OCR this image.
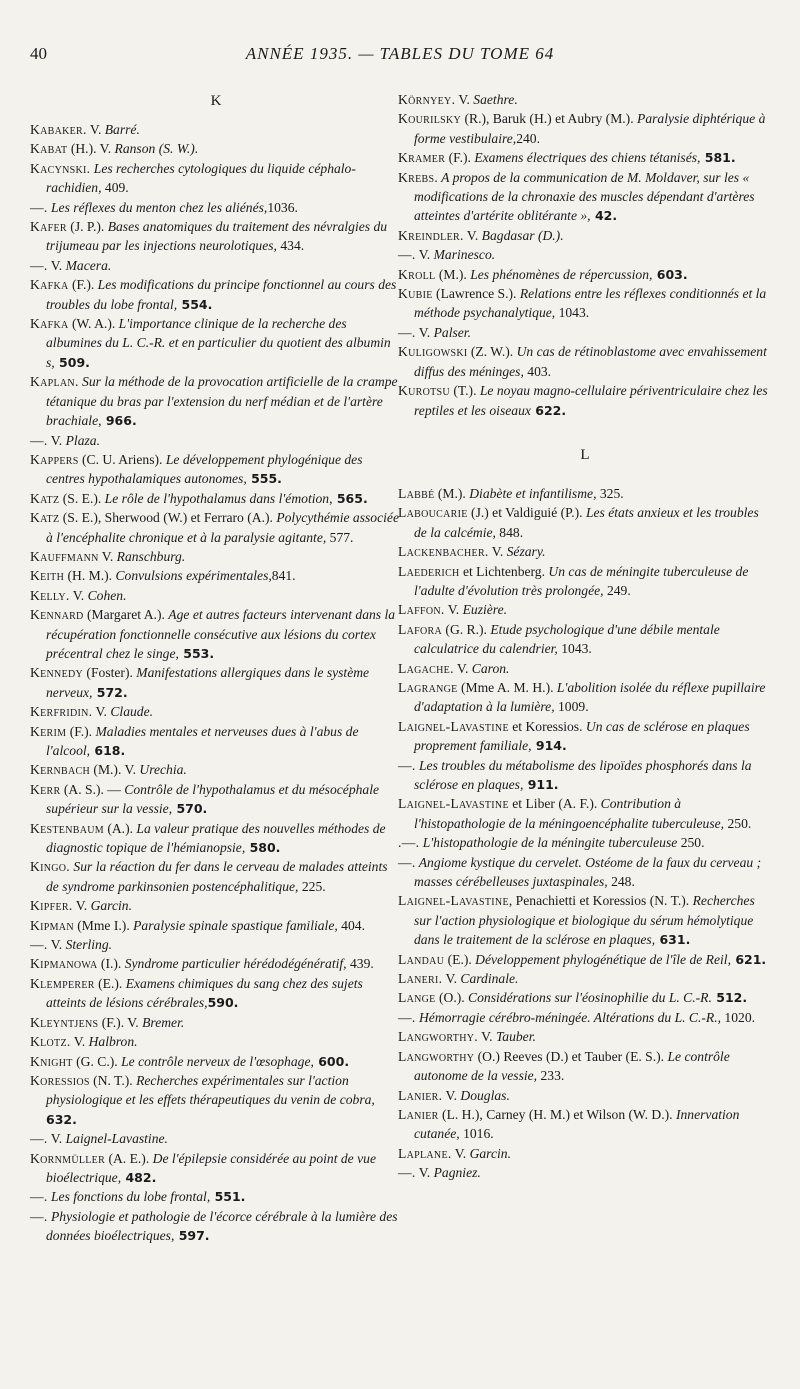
40	ANNÉE 1935. — TABLES DU TOME 64
K

Kabaker. V. Barré.

Kabat (H.). V. Ranson (S. W.).

Kacynski. Les recherches cytologiques du liquide céphalo-rachidien, 409.

—. Les réflexes du menton chez les aliénés,1036.

Kafer (J. P.). Bases anatomiques du traitement des névralgies du trijumeau par les injections neurolotiques, 434.

—. V. Macera.

Kafka (F.). Les modifications du principe fonctionnel au cours des troubles du lobe frontal, 554.

Kafka (W. A.). L'importance clinique de la recherche des albumines du L. C.-R. et en particulier du quotient des albumin s, 509.

Kaplan. Sur la méthode de la provocation artificielle de la crampe tétanique du bras par l'extension du nerf médian et de l'artère brachiale, 966.

—. V. Plaza.

Kappers (C. U. Ariens). Le développement phylogénique des centres hypothalamiques autonomes, 555.

Katz (S. E.). Le rôle de l'hypothalamus dans l'émotion, 565.

Katz (S. E.), Sherwood (W.) et Ferraro (A.). Polycythémie associée à l'encéphalite chronique et à la paralysie agitante, 577.

Kauffmann V. Ranschburg.

Keith (H. M.). Convulsions expérimentales,841.

Kelly. V. Cohen.

Kennard (Margaret A.). Age et autres facteurs intervenant dans la récupération fonctionnelle consécutive aux lésions du cortex précentral chez le singe, 553.

Kennedy (Foster). Manifestations allergiques dans le système nerveux, 572.

Kerfridin. V. Claude.

Kerim (F.). Maladies mentales et nerveuses dues à l'abus de l'alcool, 618.

Kernbach (M.). V. Urechia.

Kerr (A. S.). — Contrôle de l'hypothalamus et du mésocéphale supérieur sur la vessie, 570.

Kestenbaum (A.). La valeur pratique des nouvelles méthodes de diagnostic topique de l'hémianopsie, 580.

Kingo. Sur la réaction du fer dans le cerveau de malades atteints de syndrome parkinsonien postencéphalitique, 225.

Kipfer. V. Garcin.

Kipman (Mme I.). Paralysie spinale spastique familiale, 404.

—. V. Sterling.

Kipmanowa (I.). Syndrome particulier hérédodégénératif, 439.

Klemperer (E.). Examens chimiques du sang chez des sujets atteints de lésions cérébrales,590.

Kleyntjens (F.). V. Bremer.

Klotz. V. Halbron.

Knight (G. C.). Le contrôle nerveux de l'œsophage, 600.

Koressios (N. T.). Recherches expérimentales sur l'action physiologique et les effets thérapeutiques du venin de cobra, 632.

—. V. Laignel-Lavastine.

Kornmüller (A. E.). De l'épilepsie considérée au point de vue bioélectrique, 482.

—. Les fonctions du lobe frontal, 551.

—. Physiologie et pathologie de l'écorce cérébrale à la lumière des données bioélectriques, 597.

Környey. V. Saethre.

Kourilsky (R.), Baruk (H.) et Aubry (M.). Paralysie diphtérique à forme vestibulaire,240.

Kramer (F.). Examens électriques des chiens tétanisés, 581.

Krebs. A propos de la communication de M. Moldaver, sur les « modifications de la chronaxie des muscles dépendant d'artères atteintes d'artérite oblitérante », 42.

Kreindler. V. Bagdasar (D.).

—. V. Marinesco.

Kroll (M.). Les phénomènes de répercussion, 603.

Kubie (Lawrence S.). Relations entre les réflexes conditionnés et la méthode psychanalytique, 1043.

—. V. Palser.

Kuligowski (Z. W.). Un cas de rétinoblastome avec envahissement diffus des méninges, 403.

Kurotsu (T.). Le noyau magno-cellulaire périventriculaire chez les reptiles et les oiseaux 622.

L

Labbé (M.). Diabète et infantilisme, 325.

Laboucarie (J.) et Valdiguié (P.). Les états anxieux et les troubles de la calcémie, 848.

Lackenbacher. V. Sézary.

Laederich et Lichtenberg. Un cas de méningite tuberculeuse de l'adulte d'évolution très prolongée, 249.

Laffon. V. Euzière.

Lafora (G. R.). Etude psychologique d'une débile mentale calculatrice du calendrier, 1043.

Lagache. V. Caron.

Lagrange (Mme A. M. H.). L'abolition isolée du réflexe pupillaire d'adaptation à la lumière, 1009.

Laignel-Lavastine et Koressios. Un cas de sclérose en plaques proprement familiale, 914.

—. Les troubles du métabolisme des lipoïdes phosphorés dans la sclérose en plaques, 911.

Laignel-Lavastine et Liber (A. F.). Contribution à l'histopathologie de la méningoencéphalite tuberculeuse, 250.

.—. L'histopathologie de la méningite tuberculeuse 250.

—. Angiome kystique du cervelet. Ostéome de la faux du cerveau ; masses cérébelleuses juxtaspinales, 248.

Laignel-Lavastine, Penachietti et Koressios (N. T.). Recherches sur l'action physiologique et biologique du sérum hémolytique dans le traitement de la sclérose en plaques, 631.

Landau (E.). Développement phylogénétique de l'île de Reil, 621.

Laneri. V. Cardinale.

Lange (O.). Considérations sur l'éosinophilie du L. C.-R. 512.

—. Hémorragie cérébro-méningée. Altérations du L. C.-R., 1020.

Langworthy. V. Tauber.

Langworthy (O.) Reeves (D.) et Tauber (E. S.). Le contrôle autonome de la vessie, 233.

Lanier. V. Douglas.

Lanier (L. H.), Carney (H. M.) et Wilson (W. D.). Innervation cutanée, 1016.

Laplane. V. Garcin.

—. V. Pagniez.
